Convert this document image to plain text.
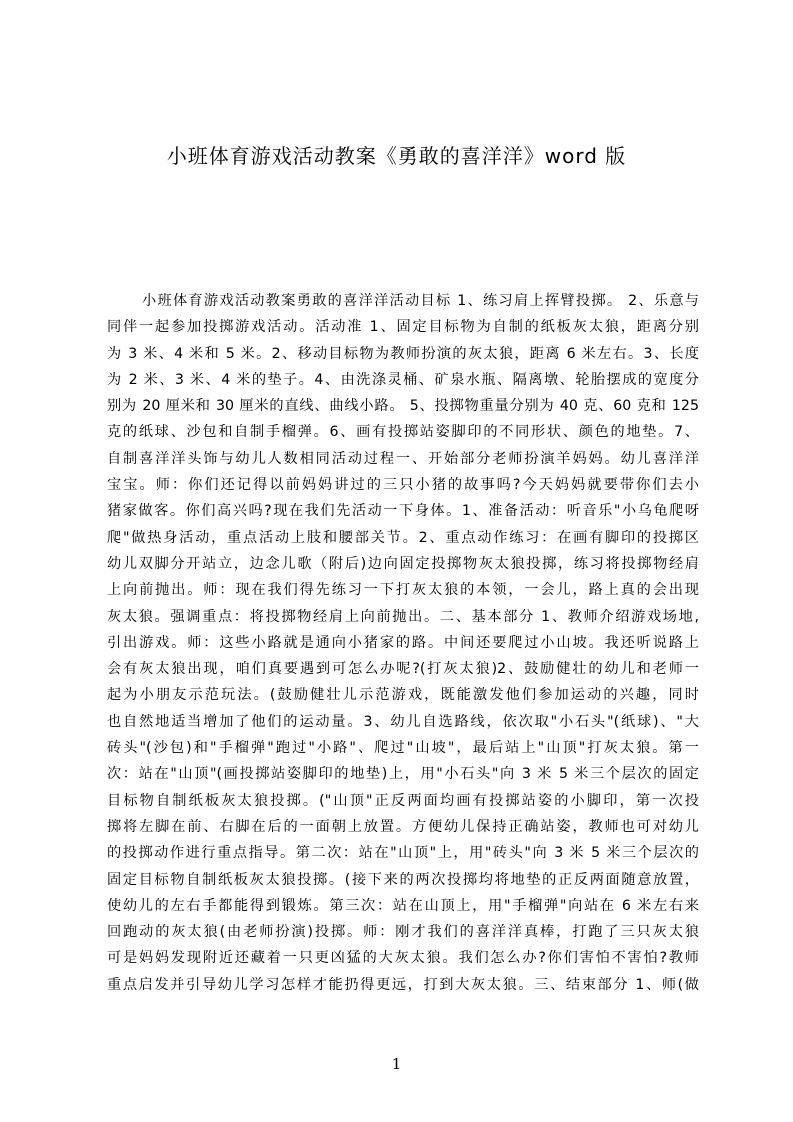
小班体育游戏活动教案《勇敢的喜洋洋》word 版
小班体育游戏活动教案勇敢的喜洋洋活动目标 1、练习肩上挥臂投掷。 2、乐意与
同伴一起参加投掷游戏活动。活动准 1、固定目标物为自制的纸板灰太狼，距离分别
为 3 米、4 米和 5 米。2、移动目标物为教师扮演的灰太狼，距离 6 米左右。3、长度
为 2 米、3 米、4 米的垫子。4、由洗涤灵桶、矿泉水瓶、隔离墩、轮胎摆成的宽度分
别为 20 厘米和 30 厘米的直线、曲线小路。 5、投掷物重量分别为 40 克、60 克和 125
克的纸球、沙包和自制手榴弹。6、画有投掷站姿脚印的不同形状、颜色的地垫。7、
自制喜洋洋头饰与幼儿人数相同活动过程一、开始部分老师扮演羊妈妈。幼儿喜洋洋
宝宝。师：你们还记得以前妈妈讲过的三只小猪的故事吗?今天妈妈就要带你们去小
猪家做客。你们高兴吗?现在我们先活动一下身体。1、准备活动：听音乐"小乌龟爬呀
爬"做热身活动，重点活动上肢和腰部关节。2、重点动作练习：在画有脚印的投掷区
幼儿双脚分开站立，边念儿歌（附后)边向固定投掷物灰太狼投掷，练习将投掷物经肩
上向前抛出。师：现在我们得先练习一下打灰太狼的本领，一会儿，路上真的会出现
灰太狼。强调重点：将投掷物经肩上向前抛出。二、基本部分 1、教师介绍游戏场地,
引出游戏。师：这些小路就是通向小猪家的路。中间还要爬过小山坡。我还听说路上
会有灰太狼出现，咱们真要遇到可怎么办呢?(打灰太狼)2、鼓励健壮的幼儿和老师一
起为小朋友示范玩法。(鼓励健壮儿示范游戏，既能激发他们参加运动的兴趣，同时
也自然地适当增加了他们的运动量。3、幼儿自选路线，依次取"小石头"(纸球)、"大
砖头"(沙包)和"手榴弹"跑过"小路"、爬过"山坡"，最后站上"山顶"打灰太狼。第一
次：站在"山顶"(画投掷站姿脚印的地垫)上，用"小石头"向 3 米 5 米三个层次的固定
目标物自制纸板灰太狼投掷。("山顶"正反两面均画有投掷站姿的小脚印，第一次投
掷将左脚在前、右脚在后的一面朝上放置。方便幼儿保持正确站姿，教师也可对幼儿
的投掷动作进行重点指导。第二次：站在"山顶"上，用"砖头"向 3 米 5 米三个层次的
固定目标物自制纸板灰太狼投掷。(接下来的两次投掷均将地垫的正反两面随意放置，
使幼儿的左右手都能得到锻炼。第三次：站在山顶上，用"手榴弹"向站在 6 米左右来
回跑动的灰太狼(由老师扮演)投掷。师：刚才我们的喜洋洋真棒，打跑了三只灰太狼
可是妈妈发现附近还藏着一只更凶猛的大灰太狼。我们怎么办?你们害怕不害怕?教师
重点启发并引导幼儿学习怎样才能扔得更远，打到大灰太狼。三、结束部分 1、师(做
1
